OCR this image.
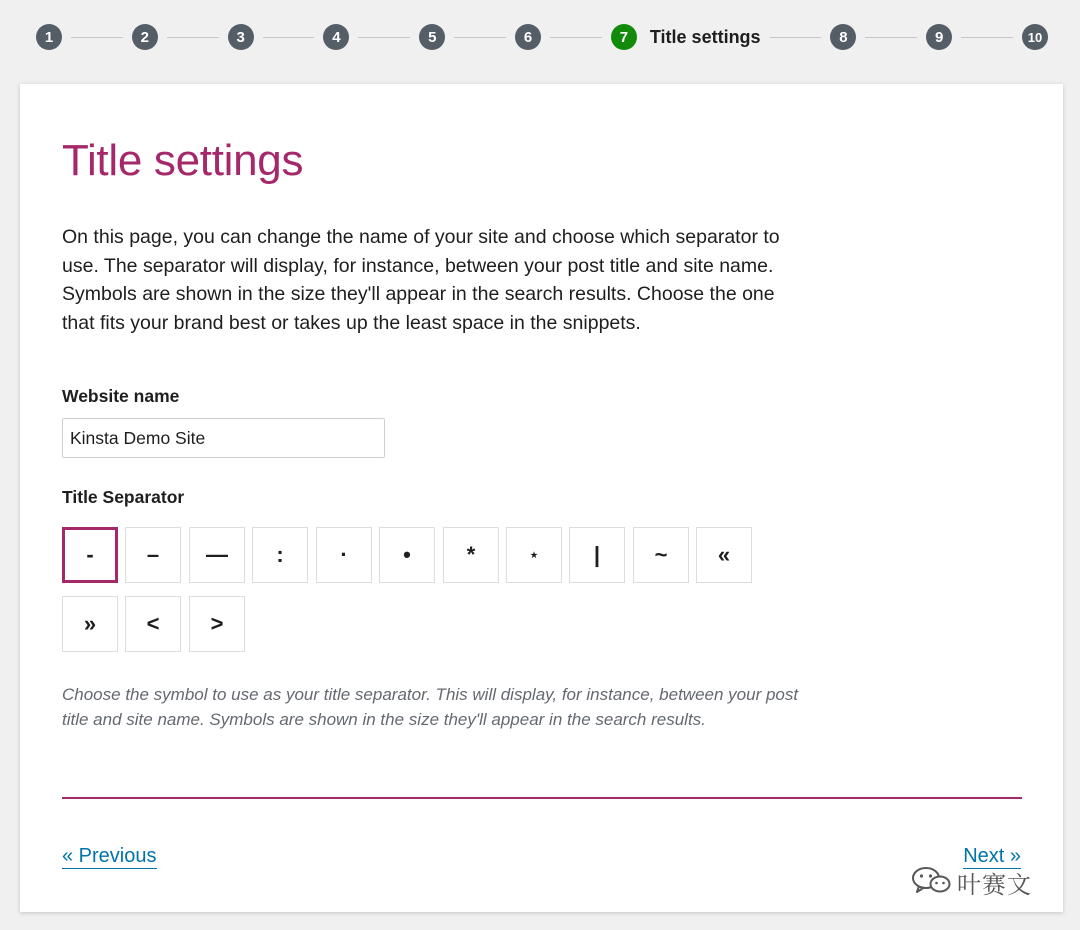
1	2	3	4	5	6	7	Title settings	8	9	10
Title settings

On this page, you can change the name of your site and choose which separator to use. The separator will display, for instance, between your post title and site name. Symbols are shown in the size they'll appear in the search results. Choose the one that fits your brand best or takes up the least space in the snippets.

Website name
Kinsta Demo Site
Title Separator
-	–	—	:	·	•	*	⋆	|	~	«
»	<	>

Choose the symbol to use as your title separator. This will display, for instance, between your post title and site name. Symbols are shown in the size they'll appear in the search results.

« Previous	Next »
叶赛文
